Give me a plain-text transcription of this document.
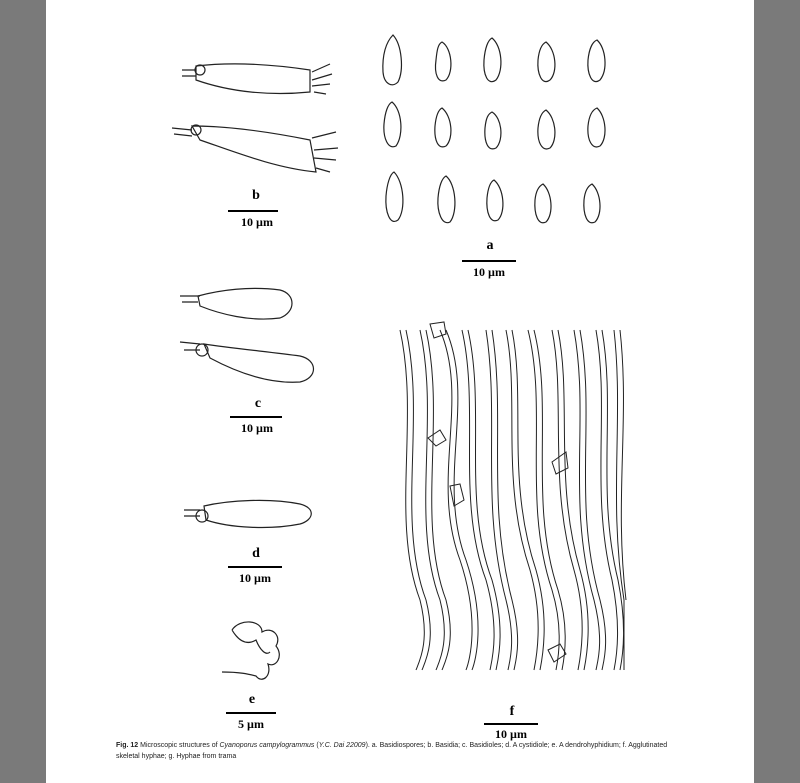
b
10 µm
a
10 µm
c
10 µm
d
10 µm
e
5 µm
f
10 µm
Fig. 12 Microscopic structures of Cyanoporus campylogrammus (Y.C. Dai 22009). a. Basidiospores; b. Basidia; c. Basidioles; d. A cystidiole; e. A dendrohyphidium; f. Agglutinated skeletal hyphae; g. Hyphae from trama
